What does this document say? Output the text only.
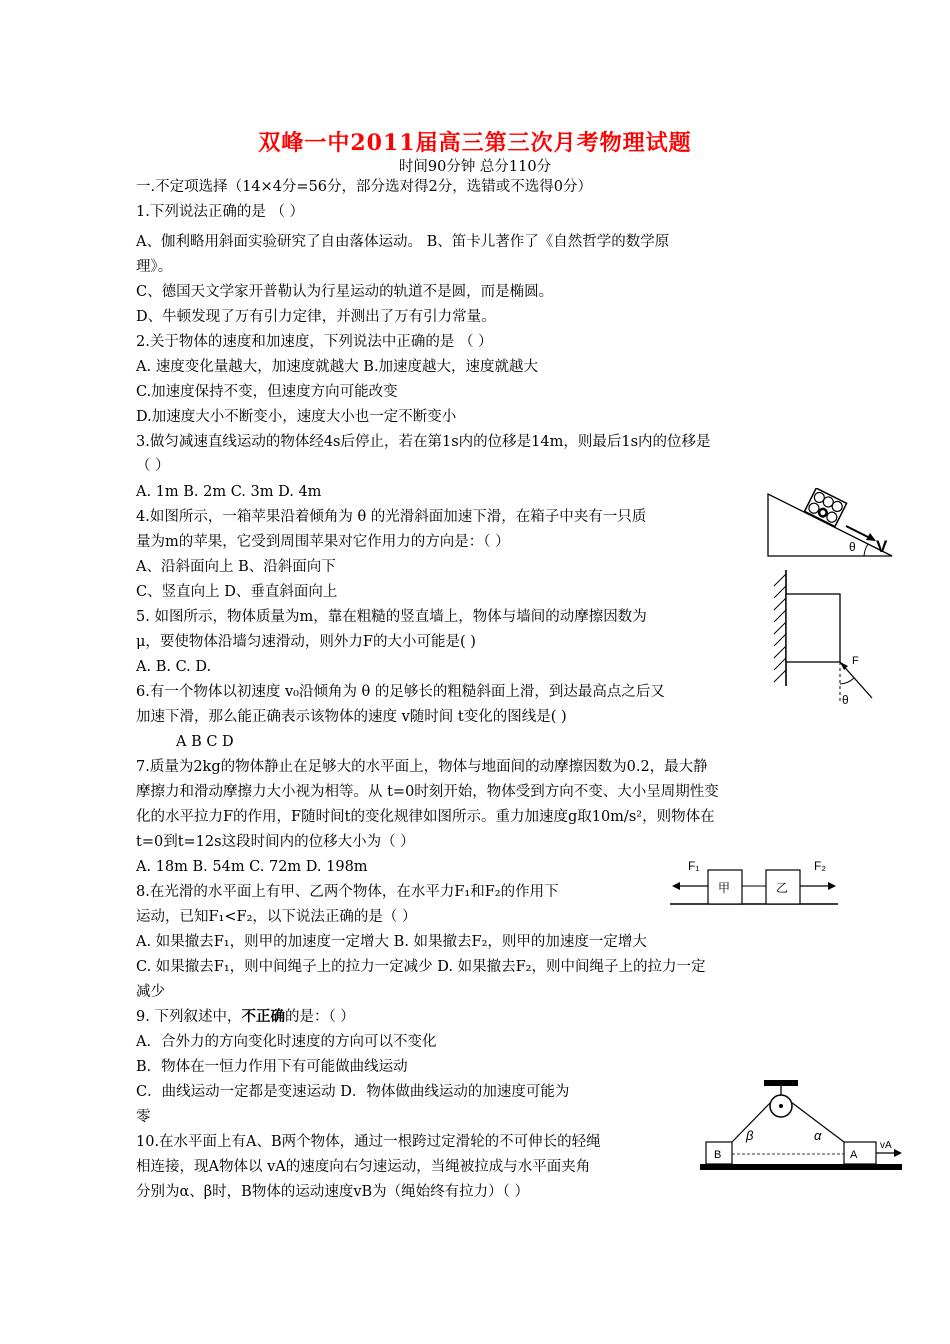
双峰一中2011届高三第三次月考物理试题
时间90分钟 总分110分
一.不定项选择（14×4分=56分，部分选对得2分，选错或不选得0分）
1.下列说法正确的是 （ ）
A、伽利略用斜面实验研究了自由落体运动。 B、笛卡儿著作了《自然哲学的数学原
理》。
C、德国天文学家开普勒认为行星运动的轨道不是圆，而是椭圆。
D、牛顿发现了万有引力定律，并测出了万有引力常量。
2.关于物体的速度和加速度，下列说法中正确的是 （ ）
A. 速度变化量越大，加速度就越大 B.加速度越大，速度就越大
C.加速度保持不变，但速度方向可能改变
D.加速度大小不断变小，速度大小也一定不断变小
3.做匀减速直线运动的物体经4s后停止，若在第1s内的位移是14m，则最后1s内的位移是
（ ）
A. 1m B. 2m C. 3m D. 4m
4.如图所示，一箱苹果沿着倾角为 θ 的光滑斜面加速下滑，在箱子中夹有一只质
量为m的苹果，它受到周围苹果对它作用力的方向是：（ ）
A、沿斜面向上 B、沿斜面向下
C、竖直向上 D、垂直斜面向上
θ V
5. 如图所示，物体质量为m，靠在粗糙的竖直墙上，物体与墙间的动摩擦因数为
μ，要使物体沿墙匀速滑动，则外力F的大小可能是( )
A. B. C. D.	F
θ
6.有一个物体以初速度 v₀沿倾角为 θ 的足够长的粗糙斜面上滑，到达最高点之后又
加速下滑，那么能正确表示该物体的速度 v随时间 t变化的图线是( )
A B C D
7.质量为2kg的物体静止在足够大的水平面上，物体与地面间的动摩擦因数为0.2，最大静
摩擦力和滑动摩擦力大小视为相等。从 t=0时刻开始，物体受到方向不变、大小呈周期性变
化的水平拉力F的作用，F随时间t的变化规律如图所示。重力加速度g取10m/s²，则物体在
t=0到t=12s这段时间内的位移大小为（ ）
A. 18m B. 54m C. 72m D. 198m
8.在光滑的水平面上有甲、乙两个物体，在水平力F₁和F₂的作用下
运动，已知F₁<F₂，以下说法正确的是（ ）
A. 如果撤去F₁，则甲的加速度一定增大 B. 如果撤去F₂，则甲的加速度一定增大
C. 如果撤去F₁，则中间绳子上的拉力一定减少 D. 如果撤去F₂，则中间绳子上的拉力一定
减少
F₁	F₂
甲	乙
9. 下列叙述中，不正确的是：（ ）
A．合外力的方向变化时速度的方向可以不变化
B．物体在一恒力作用下有可能做曲线运动
C．曲线运动一定都是变速运动 D．物体做曲线运动的加速度可能为
零
10.在水平面上有A、B两个物体，通过一根跨过定滑轮的不可伸长的轻绳
相连接，现A物体以 vA的速度向右匀速运动，当绳被拉成与水平面夹角
分别为α、β时，B物体的运动速度vB为（绳始终有拉力）（ ）
B	A
β	α
vA
